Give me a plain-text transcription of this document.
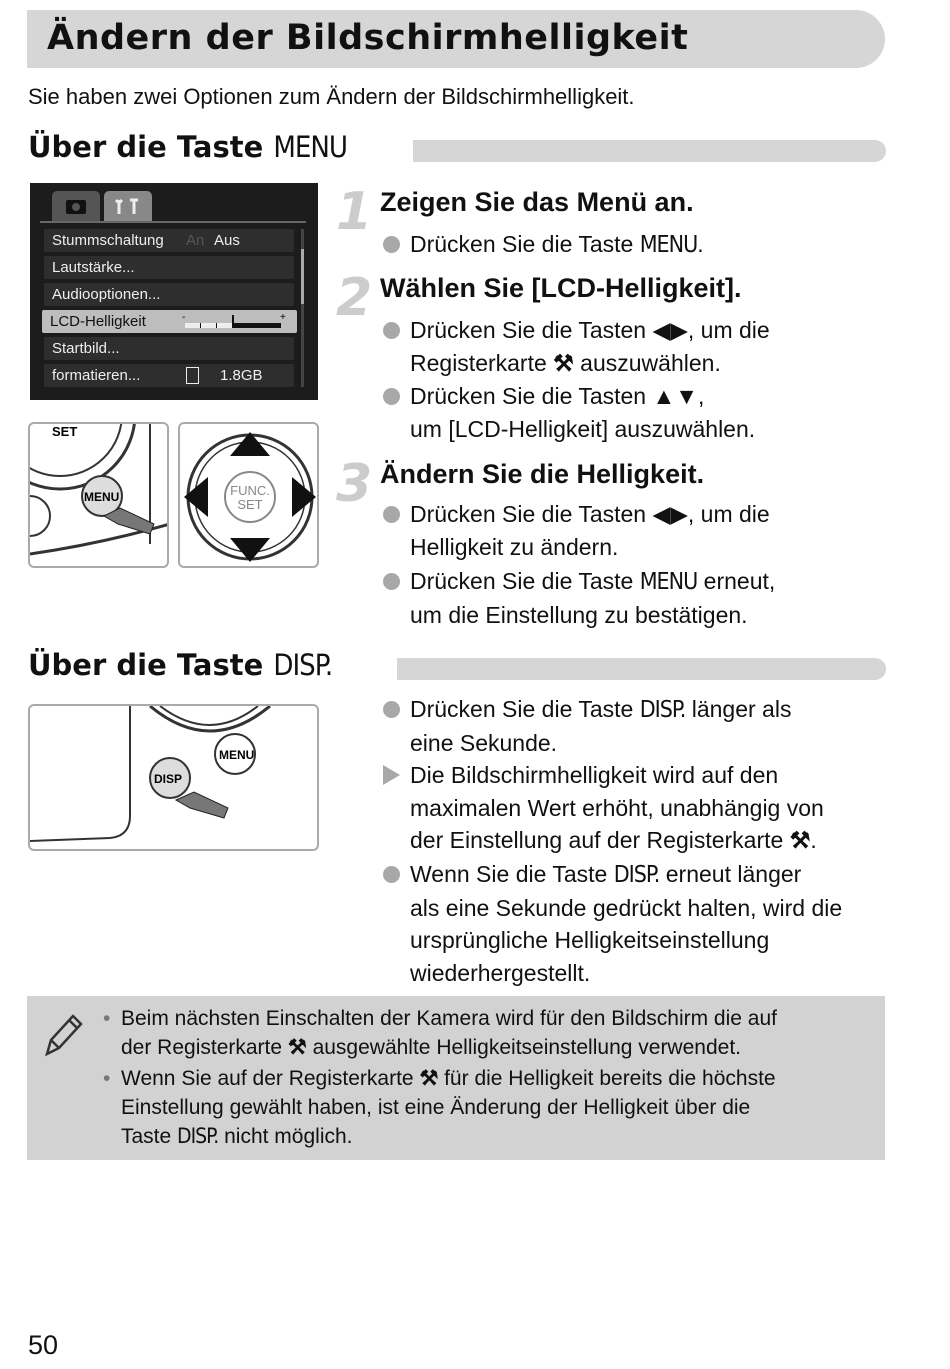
Ändern der Bildschirmhelligkeit
Sie haben zwei Optionen zum Ändern der Bildschirmhelligkeit.
Über die Taste
MENU
Stummschaltung An Aus
Lautstärke...
Audiooptionen...
LCD-Helligkeit	-	+
Startbild...
formatieren...	1.8GB
SET
MENU	FUNC.
SET
1 Zeigen Sie das Menü an.
Drücken Sie die Taste MENU.
2 Wählen Sie [LCD-Helligkeit].
Drücken Sie die Tasten ◀▶, um die
Registerkarte ⚒ auszuwählen.
Drücken Sie die Tasten ▲▼,
um [LCD-Helligkeit] auszuwählen.
3 Ändern Sie die Helligkeit.
Drücken Sie die Tasten ◀▶, um die
Helligkeit zu ändern.
Drücken Sie die Taste MENU erneut,
um die Einstellung zu bestätigen.
Über die Taste
DISP.
MENU
DISP
Drücken Sie die Taste DISP. länger als
eine Sekunde.
Die Bildschirmhelligkeit wird auf den
maximalen Wert erhöht, unabhängig von
der Einstellung auf der Registerkarte ⚒.
Wenn Sie die Taste DISP. erneut länger
als eine Sekunde gedrückt halten, wird die
ursprüngliche Helligkeitseinstellung
wiederhergestellt.
• Beim nächsten Einschalten der Kamera wird für den Bildschirm die auf
der Registerkarte ⚒ ausgewählte Helligkeitseinstellung verwendet.
• Wenn Sie auf der Registerkarte ⚒ für die Helligkeit bereits die höchste
Einstellung gewählt haben, ist eine Änderung der Helligkeit über die
Taste DISP. nicht möglich.
50
